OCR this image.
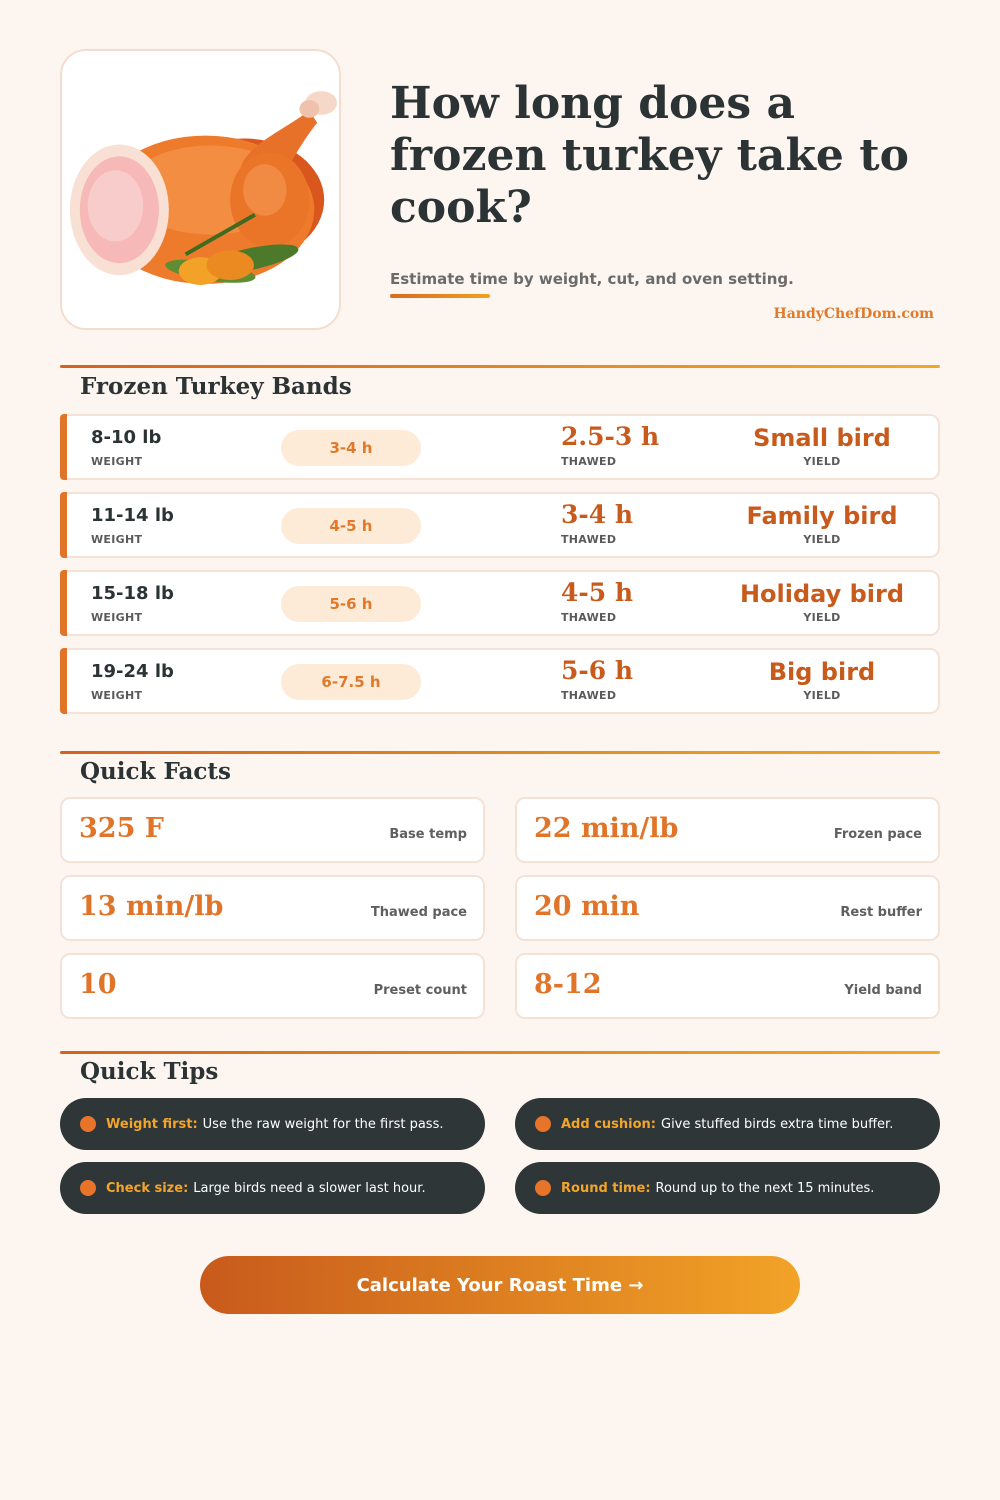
How long does a frozen turkey take to cook?
Estimate time by weight, cut, and oven setting.
HandyChefDom.com
Frozen Turkey Bands
8-10 lb
WEIGHT
3-4 h	2.5-3 h
THAWED
Small bird
YIELD
11-14 lb
WEIGHT
4-5 h	3-4 h
THAWED
Family bird
YIELD
15-18 lb
WEIGHT
5-6 h	4-5 h
THAWED
Holiday bird
YIELD
19-24 lb
WEIGHT
6-7.5 h	5-6 h
THAWED
Big bird
YIELD
Quick Facts
325 F	Base temp 22 min/lb	Frozen pace
13 min/lb	Thawed pace 20 min	Rest buffer
10	Preset count 8-12	Yield band
Quick Tips
Weight first: Use the raw weight for the first pass.	Add cushion: Give stuffed birds extra time buffer.
Check size: Large birds need a slower last hour.	Round time: Round up to the next 15 minutes.
Calculate Your Roast Time →
